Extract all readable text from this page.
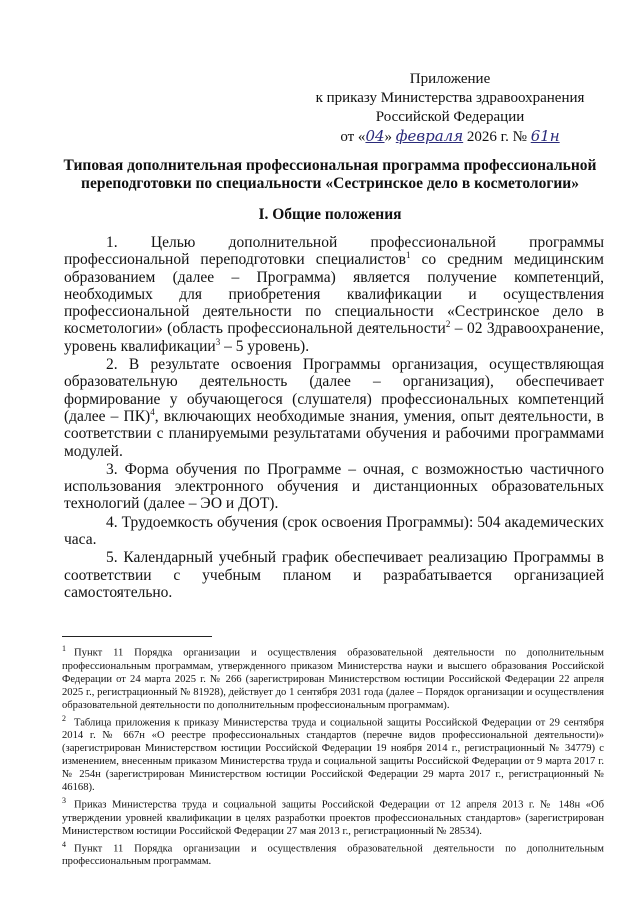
Приложение
к приказу Министерства здравоохранения
Российской Федерации
от «04» февраля 2026 г. № 61н
Типовая дополнительная профессиональная программа профессиональной
переподготовки по специальности «Сестринское дело в косметологии»
I. Общие положения

1. Целью дополнительной профессиональной программы профессиональной переподготовки специалистов$^1$ со средним медицинским образованием (далее – Программа) является получение компетенций, необходимых для приобретения квалификации и осуществления профессиональной деятельности по специальности «Сестринское дело в косметологии» (область профессиональной деятельности$^2$ – 02 Здравоохранение, уровень квалификации$^3$ – 5 уровень).

2. В результате освоения Программы организация, осуществляющая образовательную деятельность (далее – организация), обеспечивает формирование у обучающегося (слушателя) профессиональных компетенций (далее – ПК)$^4$, включающих необходимые знания, умения, опыт деятельности, в соответствии с планируемыми результатами обучения и рабочими программами модулей.

3. Форма обучения по Программе – очная, с возможностью частичного использования электронного обучения и дистанционных образовательных технологий (далее – ЭО и ДОТ).

4. Трудоемкость обучения (срок освоения Программы): 504 академических часа.

5. Календарный учебный график обеспечивает реализацию Программы в соответствии с учебным планом и разрабатывается организацией самостоятельно.

$^1$ Пункт 11 Порядка организации и осуществления образовательной деятельности по дополнительным профессиональным программам, утвержденного приказом Министерства науки и высшего образования Российской Федерации от 24 марта 2025 г. № 266 (зарегистрирован Министерством юстиции Российской Федерации 22 апреля 2025 г., регистрационный № 81928), действует до 1 сентября 2031 года (далее – Порядок организации и осуществления образовательной деятельности по дополнительным профессиональным программам).

$^2$ Таблица приложения к приказу Министерства труда и социальной защиты Российской Федерации от 29 сентября 2014 г. № 667н «О реестре профессиональных стандартов (перечне видов профессиональной деятельности)» (зарегистрирован Министерством юстиции Российской Федерации 19 ноября 2014 г., регистрационный № 34779) с изменением, внесенным приказом Министерства труда и социальной защиты Российской Федерации от 9 марта 2017 г. № 254н (зарегистрирован Министерством юстиции Российской Федерации 29 марта 2017 г., регистрационный № 46168).

$^3$ Приказ Министерства труда и социальной защиты Российской Федерации от 12 апреля 2013 г. № 148н «Об утверждении уровней квалификации в целях разработки проектов профессиональных стандартов» (зарегистрирован Министерством юстиции Российской Федерации 27 мая 2013 г., регистрационный № 28534).

$^4$ Пункт 11 Порядка организации и осуществления образовательной деятельности по дополнительным профессиональным программам.
